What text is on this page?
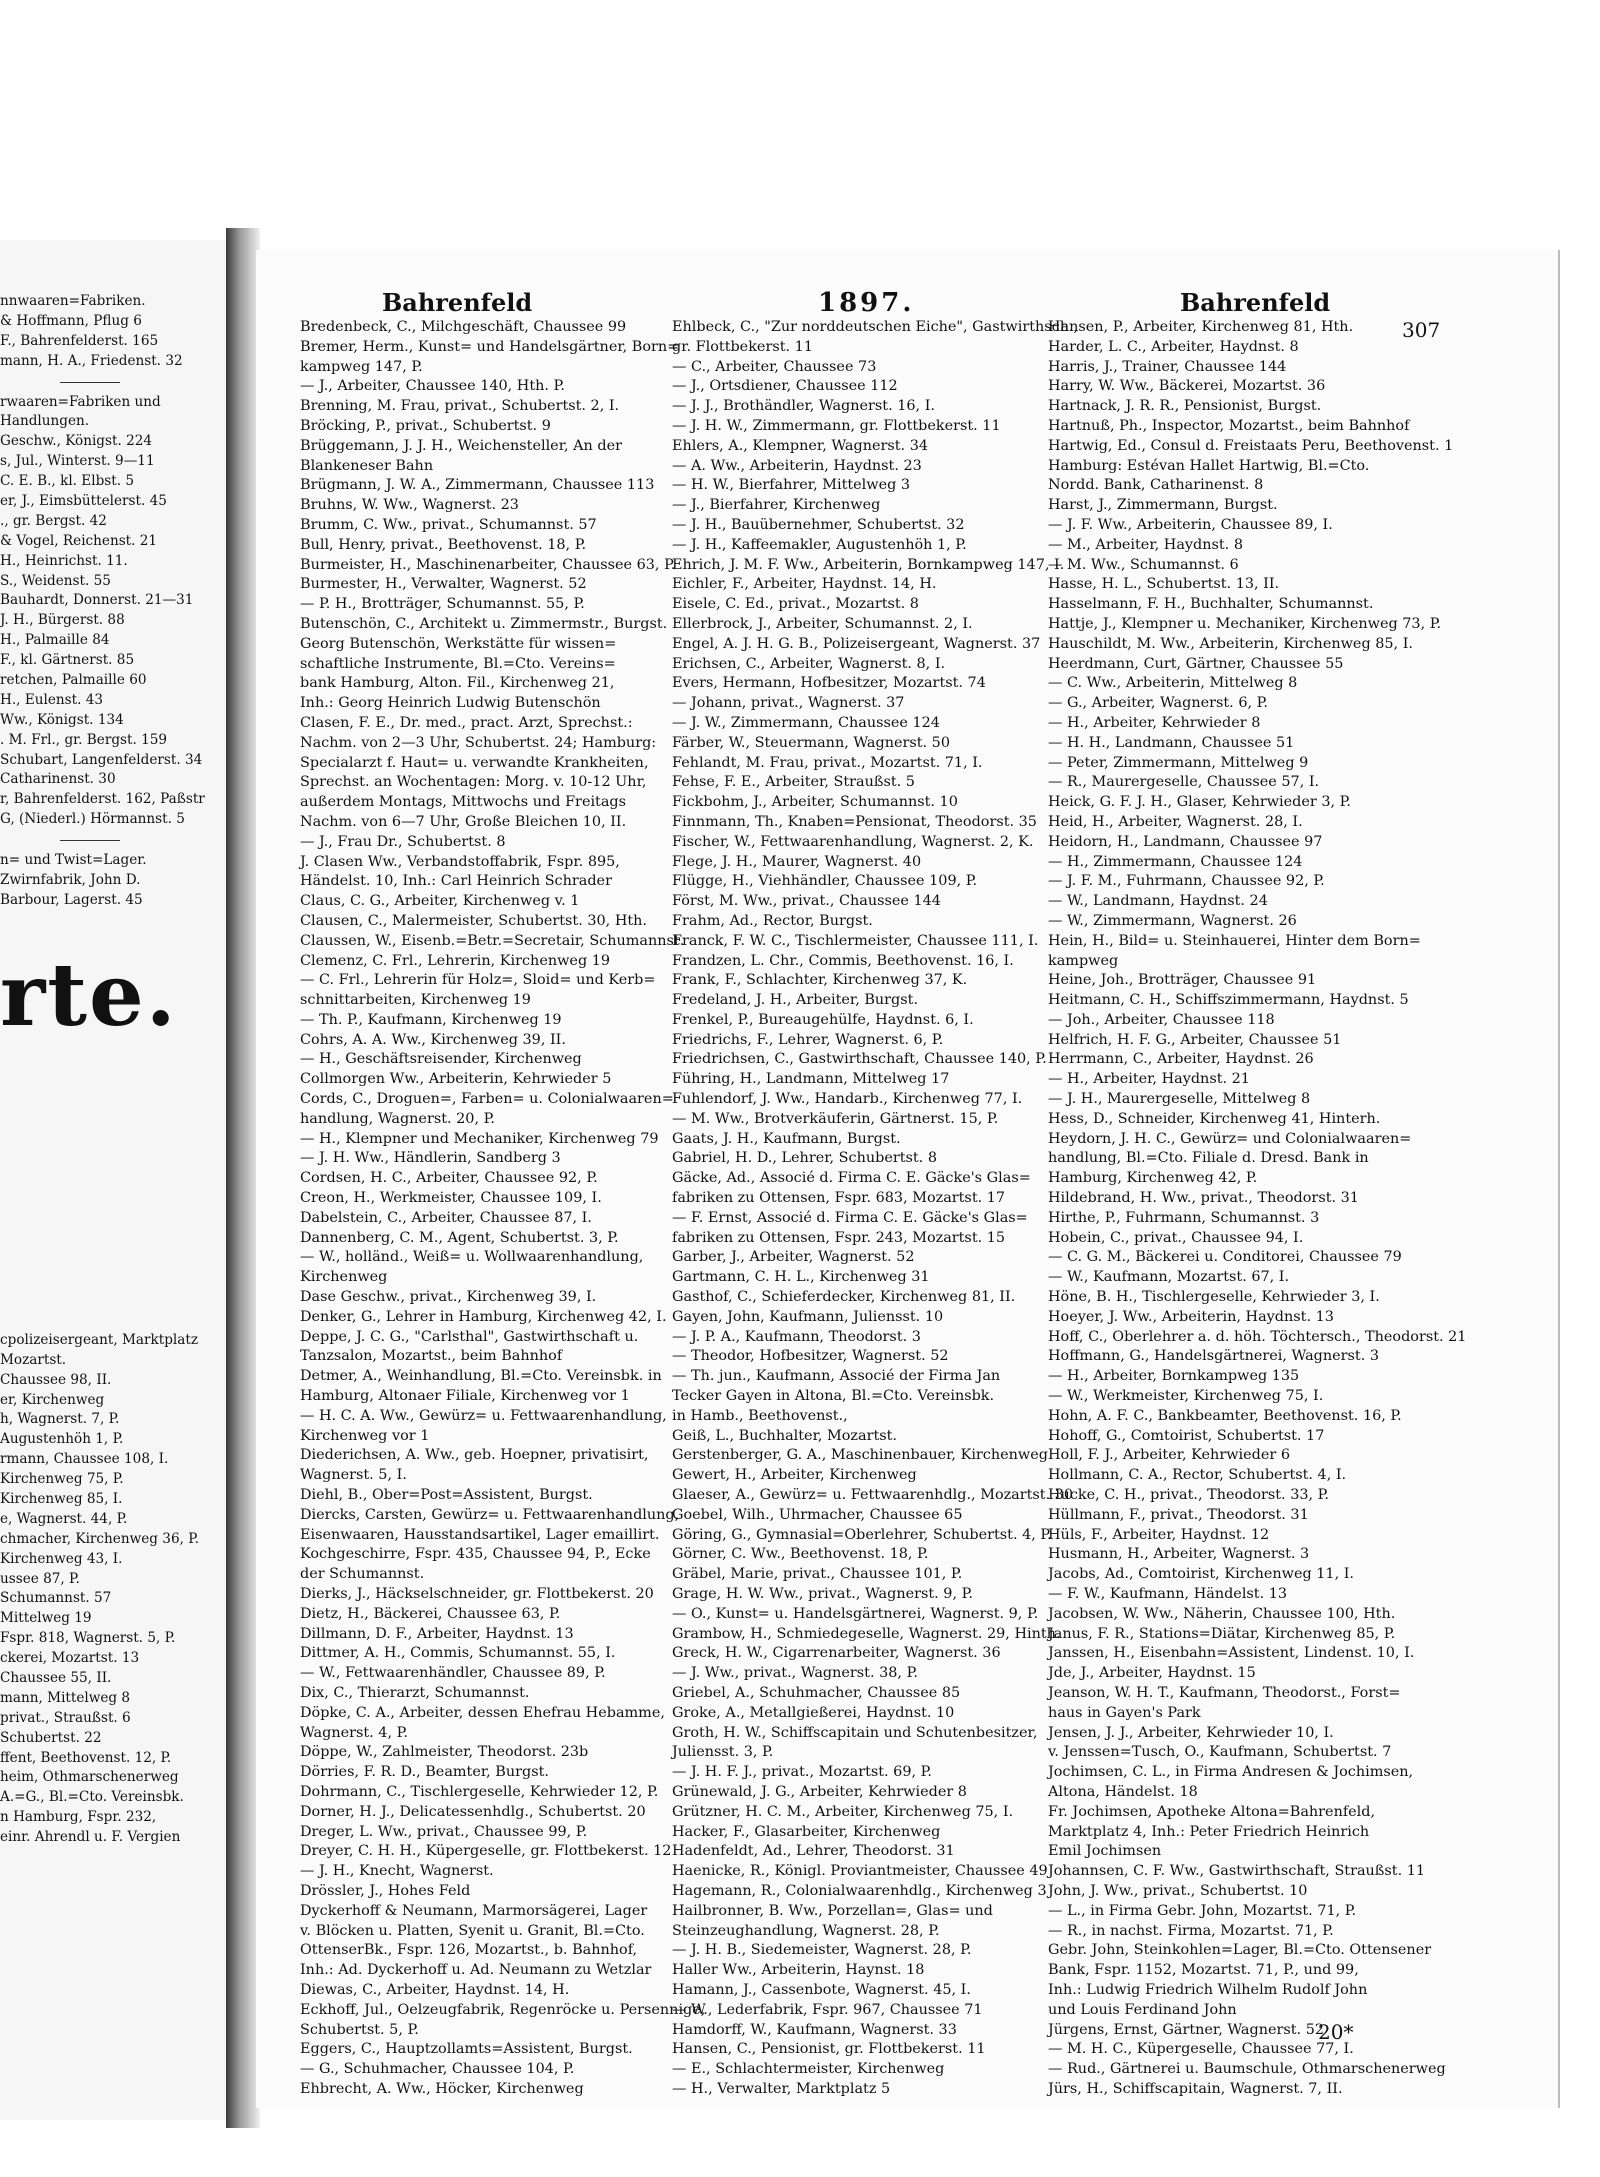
nnwaaren=Fabriken.
& Hoffmann, Pflug 6
F., Bahrenfelderst. 165
mann, H. A., Friedenst. 32
rwaaren=Fabriken und
Handlungen.
Geschw., Königst. 224
s, Jul., Winterst. 9—11
C. E. B., kl. Elbst. 5
er, J., Eimsbüttelerst. 45
., gr. Bergst. 42
& Vogel, Reichenst. 21
H., Heinrichst. 11.
S., Weidenst. 55
Bauhardt, Donnerst. 21—31
J. H., Bürgerst. 88
H., Palmaille 84
F., kl. Gärtnerst. 85
retchen, Palmaille 60
H., Eulenst. 43
Ww., Königst. 134
. M. Frl., gr. Bergst. 159
Schubart, Langenfelderst. 34
Catharinenst. 30
r, Bahrenfelderst. 162, Paßstr
G, (Niederl.) Hörmannst. 5
n= und Twist=Lager.
Zwirnfabrik, John D.
Barbour, Lagerst. 45
rte.
cpolizeisergeant, Marktplatz
Mozartst.
Chaussee 98, II.
er, Kirchenweg
h, Wagnerst. 7, P.
Augustenhöh 1, P.
rmann, Chaussee 108, I.
Kirchenweg 75, P.
Kirchenweg 85, I.
e, Wagnerst. 44, P.
chmacher, Kirchenweg 36, P.
Kirchenweg 43, I.
ussee 87, P.
Schumannst. 57
Mittelweg 19
Fspr. 818, Wagnerst. 5, P.
ckerei, Mozartst. 13
Chaussee 55, II.
mann, Mittelweg 8
privat., Straußst. 6
Schubertst. 22
ffent, Beethovenst. 12, P.
heim, Othmarschenerweg
A.=G., Bl.=Cto. Vereinsbk.
n Hamburg, Fspr. 232,
einr. Ahrendl u. F. Vergien
Bahrenfeld	1897.	Bahrenfeld
307
Bredenbeck, C., Milchgeschäft, Chaussee 99
Bremer, Herm., Kunst= und Handelsgärtner, Born=
kampweg 147, P.
— J., Arbeiter, Chaussee 140, Hth. P.
Brenning, M. Frau, privat., Schubertst. 2, I.
Bröcking, P., privat., Schubertst. 9
Brüggemann, J. J. H., Weichensteller, An der
Blankeneser Bahn
Brügmann, J. W. A., Zimmermann, Chaussee 113
Bruhns, W. Ww., Wagnerst. 23
Brumm, C. Ww., privat., Schumannst. 57
Bull, Henry, privat., Beethovenst. 18, P.
Burmeister, H., Maschinenarbeiter, Chaussee 63, P.
Burmester, H., Verwalter, Wagnerst. 52
— P. H., Brotträger, Schumannst. 55, P.
Butenschön, C., Architekt u. Zimmermstr., Burgst.
Georg Butenschön, Werkstätte für wissen=
schaftliche Instrumente, Bl.=Cto. Vereins=
bank Hamburg, Alton. Fil., Kirchenweg 21,
Inh.: Georg Heinrich Ludwig Butenschön
Clasen, F. E., Dr. med., pract. Arzt, Sprechst.:
Nachm. von 2—3 Uhr, Schubertst. 24; Hamburg:
Specialarzt f. Haut= u. verwandte Krankheiten,
Sprechst. an Wochentagen: Morg. v. 10-12 Uhr,
außerdem Montags, Mittwochs und Freitags
Nachm. von 6—7 Uhr, Große Bleichen 10, II.
— J., Frau Dr., Schubertst. 8
J. Clasen Ww., Verbandstoffabrik, Fspr. 895,
Händelst. 10, Inh.: Carl Heinrich Schrader
Claus, C. G., Arbeiter, Kirchenweg v. 1
Clausen, C., Malermeister, Schubertst. 30, Hth.
Claussen, W., Eisenb.=Betr.=Secretair, Schumannst.
Clemenz, C. Frl., Lehrerin, Kirchenweg 19
— C. Frl., Lehrerin für Holz=, Sloid= und Kerb=
schnittarbeiten, Kirchenweg 19
— Th. P., Kaufmann, Kirchenweg 19
Cohrs, A. A. Ww., Kirchenweg 39, II.
— H., Geschäftsreisender, Kirchenweg
Collmorgen Ww., Arbeiterin, Kehrwieder 5
Cords, C., Droguen=, Farben= u. Colonialwaaren=
handlung, Wagnerst. 20, P.
— H., Klempner und Mechaniker, Kirchenweg 79
— J. H. Ww., Händlerin, Sandberg 3
Cordsen, H. C., Arbeiter, Chaussee 92, P.
Creon, H., Werkmeister, Chaussee 109, I.
Dabelstein, C., Arbeiter, Chaussee 87, I.
Dannenberg, C. M., Agent, Schubertst. 3, P.
— W., holländ., Weiß= u. Wollwaarenhandlung,
Kirchenweg
Dase Geschw., privat., Kirchenweg 39, I.
Denker, G., Lehrer in Hamburg, Kirchenweg 42, I.
Deppe, J. C. G., "Carlsthal", Gastwirthschaft u.
Tanzsalon, Mozartst., beim Bahnhof
Detmer, A., Weinhandlung, Bl.=Cto. Vereinsbk. in
Hamburg, Altonaer Filiale, Kirchenweg vor 1
— H. C. A. Ww., Gewürz= u. Fettwaarenhandlung,
Kirchenweg vor 1
Diederichsen, A. Ww., geb. Hoepner, privatisirt,
Wagnerst. 5, I.
Diehl, B., Ober=Post=Assistent, Burgst.
Diercks, Carsten, Gewürz= u. Fettwaarenhandlung,
Eisenwaaren, Hausstandsartikel, Lager emaillirt.
Kochgeschirre, Fspr. 435, Chaussee 94, P., Ecke
der Schumannst.
Dierks, J., Häckselschneider, gr. Flottbekerst. 20
Dietz, H., Bäckerei, Chaussee 63, P.
Dillmann, D. F., Arbeiter, Haydnst. 13
Dittmer, A. H., Commis, Schumannst. 55, I.
— W., Fettwaarenhändler, Chaussee 89, P.
Dix, C., Thierarzt, Schumannst.
Döpke, C. A., Arbeiter, dessen Ehefrau Hebamme,
Wagnerst. 4, P.
Döppe, W., Zahlmeister, Theodorst. 23b
Dörries, F. R. D., Beamter, Burgst.
Dohrmann, C., Tischlergeselle, Kehrwieder 12, P.
Dorner, H. J., Delicatessenhdlg., Schubertst. 20
Dreger, L. Ww., privat., Chaussee 99, P.
Dreyer, C. H. H., Küpergeselle, gr. Flottbekerst. 12
— J. H., Knecht, Wagnerst.
Drössler, J., Hohes Feld
Dyckerhoff & Neumann, Marmorsägerei, Lager
v. Blöcken u. Platten, Syenit u. Granit, Bl.=Cto.
OttenserBk., Fspr. 126, Mozartst., b. Bahnhof,
Inh.: Ad. Dyckerhoff u. Ad. Neumann zu Wetzlar
Diewas, C., Arbeiter, Haydnst. 14, H.
Eckhoff, Jul., Oelzeugfabrik, Regenröcke u. Persennige,
Schubertst. 5, P.
Eggers, C., Hauptzollamts=Assistent, Burgst.
— G., Schuhmacher, Chaussee 104, P.
Ehbrecht, A. Ww., Höcker, Kirchenweg
Ehlbeck, C., "Zur norddeutschen Eiche", Gastwirthsch.,
gr. Flottbekerst. 11
— C., Arbeiter, Chaussee 73
— J., Ortsdiener, Chaussee 112
— J. J., Brothändler, Wagnerst. 16, I.
— J. H. W., Zimmermann, gr. Flottbekerst. 11
Ehlers, A., Klempner, Wagnerst. 34
— A. Ww., Arbeiterin, Haydnst. 23
— H. W., Bierfahrer, Mittelweg 3
— J., Bierfahrer, Kirchenweg
— J. H., Bauübernehmer, Schubertst. 32
— J. H., Kaffeemakler, Augustenhöh 1, P.
Ehrich, J. M. F. Ww., Arbeiterin, Bornkampweg 147, I.
Eichler, F., Arbeiter, Haydnst. 14, H.
Eisele, C. Ed., privat., Mozartst. 8
Ellerbrock, J., Arbeiter, Schumannst. 2, I.
Engel, A. J. H. G. B., Polizeisergeant, Wagnerst. 37
Erichsen, C., Arbeiter, Wagnerst. 8, I.
Evers, Hermann, Hofbesitzer, Mozartst. 74
— Johann, privat., Wagnerst. 37
— J. W., Zimmermann, Chaussee 124
Färber, W., Steuermann, Wagnerst. 50
Fehlandt, M. Frau, privat., Mozartst. 71, I.
Fehse, F. E., Arbeiter, Straußst. 5
Fickbohm, J., Arbeiter, Schumannst. 10
Finnmann, Th., Knaben=Pensionat, Theodorst. 35
Fischer, W., Fettwaarenhandlung, Wagnerst. 2, K.
Flege, J. H., Maurer, Wagnerst. 40
Flügge, H., Viehhändler, Chaussee 109, P.
Först, M. Ww., privat., Chaussee 144
Frahm, Ad., Rector, Burgst.
Franck, F. W. C., Tischlermeister, Chaussee 111, I.
Frandzen, L. Chr., Commis, Beethovenst. 16, I.
Frank, F., Schlachter, Kirchenweg 37, K.
Fredeland, J. H., Arbeiter, Burgst.
Frenkel, P., Bureaugehülfe, Haydnst. 6, I.
Friedrichs, F., Lehrer, Wagnerst. 6, P.
Friedrichsen, C., Gastwirthschaft, Chaussee 140, P.
Führing, H., Landmann, Mittelweg 17
Fuhlendorf, J. Ww., Handarb., Kirchenweg 77, I.
— M. Ww., Brotverkäuferin, Gärtnerst. 15, P.
Gaats, J. H., Kaufmann, Burgst.
Gabriel, H. D., Lehrer, Schubertst. 8
Gäcke, Ad., Associé d. Firma C. E. Gäcke's Glas=
fabriken zu Ottensen, Fspr. 683, Mozartst. 17
— F. Ernst, Associé d. Firma C. E. Gäcke's Glas=
fabriken zu Ottensen, Fspr. 243, Mozartst. 15
Garber, J., Arbeiter, Wagnerst. 52
Gartmann, C. H. L., Kirchenweg 31
Gasthof, C., Schieferdecker, Kirchenweg 81, II.
Gayen, John, Kaufmann, Juliensst. 10
— J. P. A., Kaufmann, Theodorst. 3
— Theodor, Hofbesitzer, Wagnerst. 52
— Th. jun., Kaufmann, Associé der Firma Jan
Tecker Gayen in Altona, Bl.=Cto. Vereinsbk.
in Hamb., Beethovenst.,
Geiß, L., Buchhalter, Mozartst.
Gerstenberger, G. A., Maschinenbauer, Kirchenweg
Gewert, H., Arbeiter, Kirchenweg
Glaeser, A., Gewürz= u. Fettwaarenhdlg., Mozartst. 30
Goebel, Wilh., Uhrmacher, Chaussee 65
Göring, G., Gymnasial=Oberlehrer, Schubertst. 4, P.
Görner, C. Ww., Beethovenst. 18, P.
Gräbel, Marie, privat., Chaussee 101, P.
Grage, H. W. Ww., privat., Wagnerst. 9, P.
— O., Kunst= u. Handelsgärtnerei, Wagnerst. 9, P.
Grambow, H., Schmiedegeselle, Wagnerst. 29, Hinth.
Greck, H. W., Cigarrenarbeiter, Wagnerst. 36
— J. Ww., privat., Wagnerst. 38, P.
Griebel, A., Schuhmacher, Chaussee 85
Groke, A., Metallgießerei, Haydnst. 10
Groth, H. W., Schiffscapitain und Schutenbesitzer,
Juliensst. 3, P.
— J. H. F. J., privat., Mozartst. 69, P.
Grünewald, J. G., Arbeiter, Kehrwieder 8
Grützner, H. C. M., Arbeiter, Kirchenweg 75, I.
Hacker, F., Glasarbeiter, Kirchenweg
Hadenfeldt, Ad., Lehrer, Theodorst. 31
Haenicke, R., Königl. Proviantmeister, Chaussee 49
Hagemann, R., Colonialwaarenhdlg., Kirchenweg 3
Hailbronner, B. Ww., Porzellan=, Glas= und
Steinzeughandlung, Wagnerst. 28, P.
— J. H. B., Siedemeister, Wagnerst. 28, P.
Haller Ww., Arbeiterin, Haynst. 18
Hamann, J., Cassenbote, Wagnerst. 45, I.
— W., Lederfabrik, Fspr. 967, Chaussee 71
Hamdorff, W., Kaufmann, Wagnerst. 33
Hansen, C., Pensionist, gr. Flottbekerst. 11
— E., Schlachtermeister, Kirchenweg
— H., Verwalter, Marktplatz 5
Hansen, P., Arbeiter, Kirchenweg 81, Hth.
Harder, L. C., Arbeiter, Haydnst. 8
Harris, J., Trainer, Chaussee 144
Harry, W. Ww., Bäckerei, Mozartst. 36
Hartnack, J. R. R., Pensionist, Burgst.
Hartnuß, Ph., Inspector, Mozartst., beim Bahnhof
Hartwig, Ed., Consul d. Freistaats Peru, Beethovenst. 1
Hamburg: Estévan Hallet Hartwig, Bl.=Cto.
Nordd. Bank, Catharinenst. 8
Harst, J., Zimmermann, Burgst.
— J. F. Ww., Arbeiterin, Chaussee 89, I.
— M., Arbeiter, Haydnst. 8
— M. Ww., Schumannst. 6
Hasse, H. L., Schubertst. 13, II.
Hasselmann, F. H., Buchhalter, Schumannst.
Hattje, J., Klempner u. Mechaniker, Kirchenweg 73, P.
Hauschildt, M. Ww., Arbeiterin, Kirchenweg 85, I.
Heerdmann, Curt, Gärtner, Chaussee 55
— C. Ww., Arbeiterin, Mittelweg 8
— G., Arbeiter, Wagnerst. 6, P.
— H., Arbeiter, Kehrwieder 8
— H. H., Landmann, Chaussee 51
— Peter, Zimmermann, Mittelweg 9
— R., Maurergeselle, Chaussee 57, I.
Heick, G. F. J. H., Glaser, Kehrwieder 3, P.
Heid, H., Arbeiter, Wagnerst. 28, I.
Heidorn, H., Landmann, Chaussee 97
— H., Zimmermann, Chaussee 124
— J. F. M., Fuhrmann, Chaussee 92, P.
— W., Landmann, Haydnst. 24
— W., Zimmermann, Wagnerst. 26
Hein, H., Bild= u. Steinhauerei, Hinter dem Born=
kampweg
Heine, Joh., Brotträger, Chaussee 91
Heitmann, C. H., Schiffszimmermann, Haydnst. 5
— Joh., Arbeiter, Chaussee 118
Helfrich, H. F. G., Arbeiter, Chaussee 51
Herrmann, C., Arbeiter, Haydnst. 26
— H., Arbeiter, Haydnst. 21
— J. H., Maurergeselle, Mittelweg 8
Hess, D., Schneider, Kirchenweg 41, Hinterh.
Heydorn, J. H. C., Gewürz= und Colonialwaaren=
handlung, Bl.=Cto. Filiale d. Dresd. Bank in
Hamburg, Kirchenweg 42, P.
Hildebrand, H. Ww., privat., Theodorst. 31
Hirthe, P., Fuhrmann, Schumannst. 3
Hobein, C., privat., Chaussee 94, I.
— C. G. M., Bäckerei u. Conditorei, Chaussee 79
— W., Kaufmann, Mozartst. 67, I.
Höne, B. H., Tischlergeselle, Kehrwieder 3, I.
Hoeyer, J. Ww., Arbeiterin, Haydnst. 13
Hoff, C., Oberlehrer a. d. höh. Töchtersch., Theodorst. 21
Hoffmann, G., Handelsgärtnerei, Wagnerst. 3
— H., Arbeiter, Bornkampweg 135
— W., Werkmeister, Kirchenweg 75, I.
Hohn, A. F. C., Bankbeamter, Beethovenst. 16, P.
Hohoff, G., Comtoirist, Schubertst. 17
Holl, F. J., Arbeiter, Kehrwieder 6
Hollmann, C. A., Rector, Schubertst. 4, I.
Hucke, C. H., privat., Theodorst. 33, P.
Hüllmann, F., privat., Theodorst. 31
Hüls, F., Arbeiter, Haydnst. 12
Husmann, H., Arbeiter, Wagnerst. 3
Jacobs, Ad., Comtoirist, Kirchenweg 11, I.
— F. W., Kaufmann, Händelst. 13
Jacobsen, W. Ww., Näherin, Chaussee 100, Hth.
Janus, F. R., Stations=Diätar, Kirchenweg 85, P.
Janssen, H., Eisenbahn=Assistent, Lindenst. 10, I.
Jde, J., Arbeiter, Haydnst. 15
Jeanson, W. H. T., Kaufmann, Theodorst., Forst=
haus in Gayen's Park
Jensen, J. J., Arbeiter, Kehrwieder 10, I.
v. Jenssen=Tusch, O., Kaufmann, Schubertst. 7
Jochimsen, C. L., in Firma Andresen & Jochimsen,
Altona, Händelst. 18
Fr. Jochimsen, Apotheke Altona=Bahrenfeld,
Marktplatz 4, Inh.: Peter Friedrich Heinrich
Emil Jochimsen
Johannsen, C. F. Ww., Gastwirthschaft, Straußst. 11
John, J. Ww., privat., Schubertst. 10
— L., in Firma Gebr. John, Mozartst. 71, P.
— R., in nachst. Firma, Mozartst. 71, P.
Gebr. John, Steinkohlen=Lager, Bl.=Cto. Ottensener
Bank, Fspr. 1152, Mozartst. 71, P., und 99,
Inh.: Ludwig Friedrich Wilhelm Rudolf John
und Louis Ferdinand John
Jürgens, Ernst, Gärtner, Wagnerst. 52
— M. H. C., Küpergeselle, Chaussee 77, I.
— Rud., Gärtnerei u. Baumschule, Othmarschenerweg
Jürs, H., Schiffscapitain, Wagnerst. 7, II.
20*
